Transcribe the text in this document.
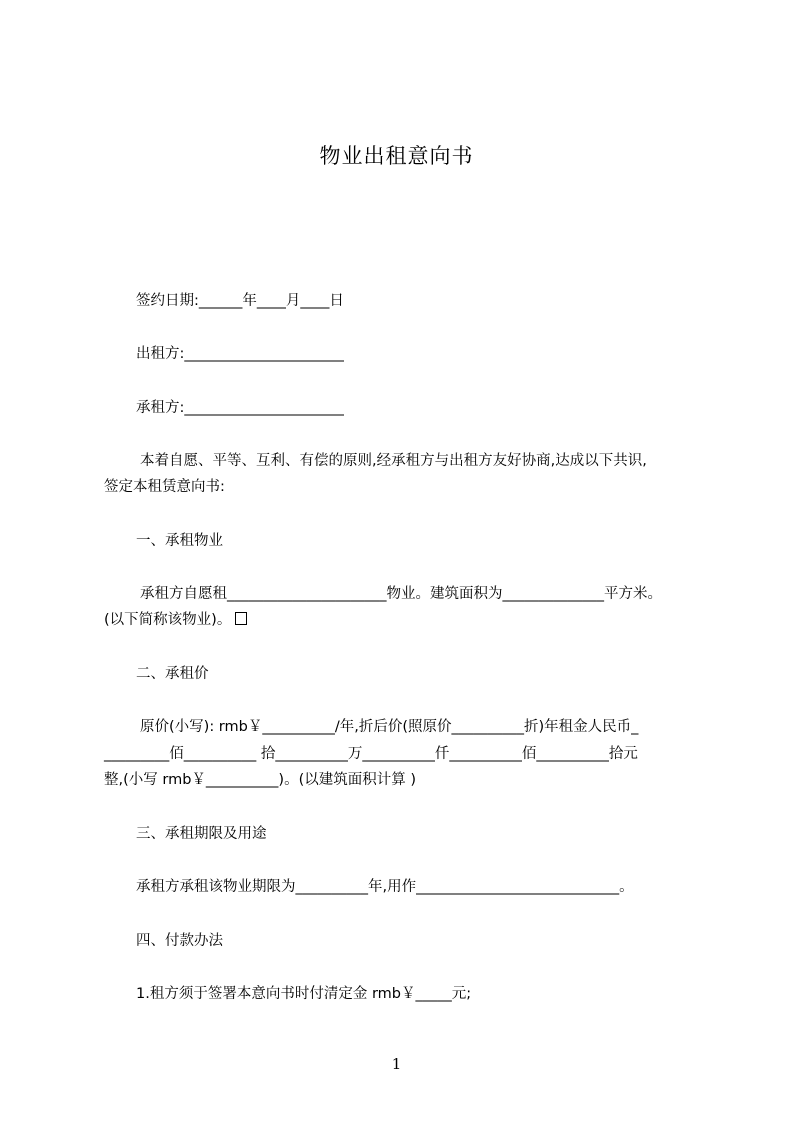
物业出租意向书
签约日期:______年____月____日
出租方:______________________
承租方:______________________
本着自愿、平等、互利、有偿的原则,经承租方与出租方友好协商,达成以下共识,
签定本租赁意向书:
一、承租物业
承租方自愿租______________________物业。建筑面积为______________平方米。
(以下简称该物业)。
二、承租价
原价(小写): rmb￥__________/年,折后价(照原价__________折)年租金人民币_
_________佰__________ 拾__________万__________仟__________佰__________拾元
整,(小写 rmb￥__________)。(以建筑面积计算 )
三、承租期限及用途
承租方承租该物业期限为__________年,用作____________________________。
四、付款办法
1.租方须于签署本意向书时付清定金 rmb￥_____元;
1
